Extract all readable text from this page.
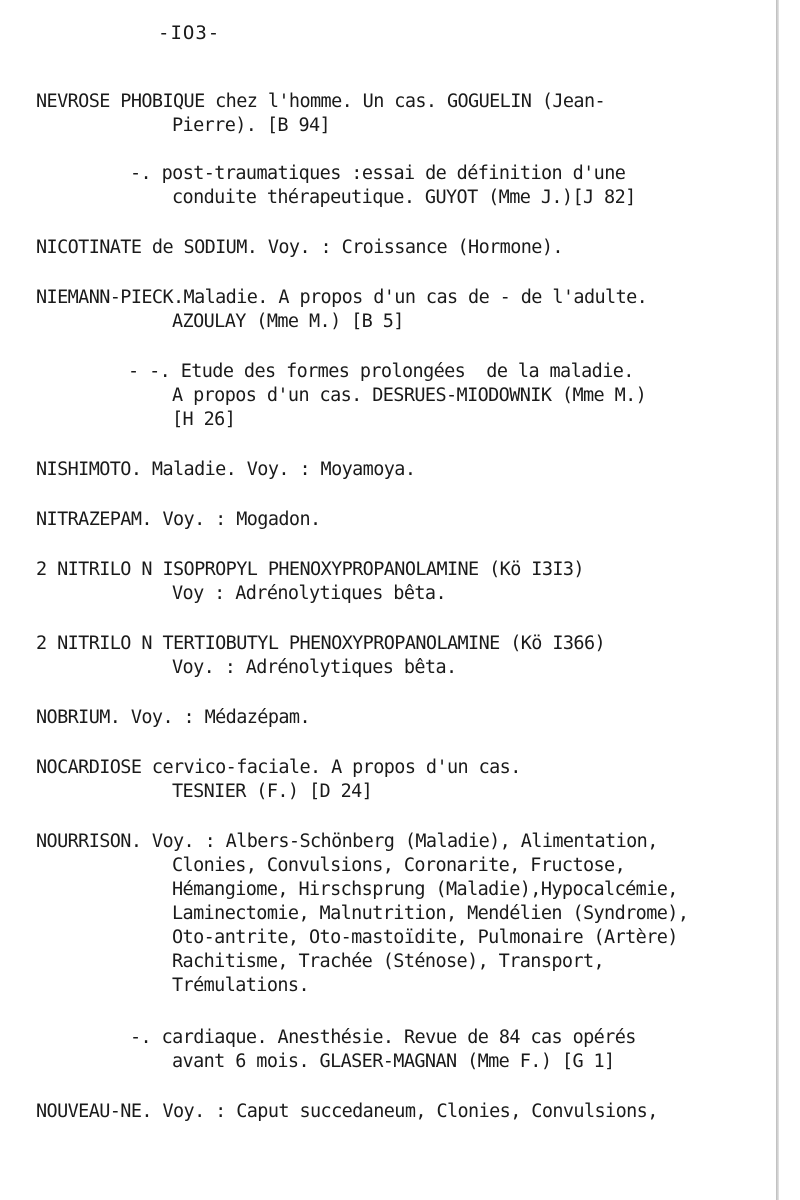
-IO3-
NEVROSE PHOBIQUE chez l'homme. Un cas. GOGUELIN (Jean-
Pierre). [B 94]
-. post-traumatiques :essai de définition d'une
conduite thérapeutique. GUYOT (Mme J.)[J 82]
NICOTINATE de SODIUM. Voy. : Croissance (Hormone).
NIEMANN-PIECK.Maladie. A propos d'un cas de - de l'adulte.
AZOULAY (Mme M.) [B 5]
- -. Etude des formes prolongées  de la maladie.
A propos d'un cas. DESRUES-MIODOWNIK (Mme M.)
[H 26]
NISHIMOTO. Maladie. Voy. : Moyamoya.
NITRAZEPAM. Voy. : Mogadon.
2 NITRILO N ISOPROPYL PHENOXYPROPANOLAMINE (Kö I3I3)
Voy : Adrénolytiques bêta.
2 NITRILO N TERTIOBUTYL PHENOXYPROPANOLAMINE (Kö I366)
Voy. : Adrénolytiques bêta.
NOBRIUM. Voy. : Médazépam.
NOCARDIOSE cervico-faciale. A propos d'un cas.
TESNIER (F.) [D 24]
NOURRISON. Voy. : Albers-Schönberg (Maladie), Alimentation,
Clonies, Convulsions, Coronarite, Fructose,
Hémangiome, Hirschsprung (Maladie),Hypocalcémie,
Laminectomie, Malnutrition, Mendélien (Syndrome),
Oto-antrite, Oto-mastoïdite, Pulmonaire (Artère)
Rachitisme, Trachée (Sténose), Transport,
Trémulations.
-. cardiaque. Anesthésie. Revue de 84 cas opérés
avant 6 mois. GLASER-MAGNAN (Mme F.) [G 1]
NOUVEAU-NE. Voy. : Caput succedaneum, Clonies, Convulsions,
